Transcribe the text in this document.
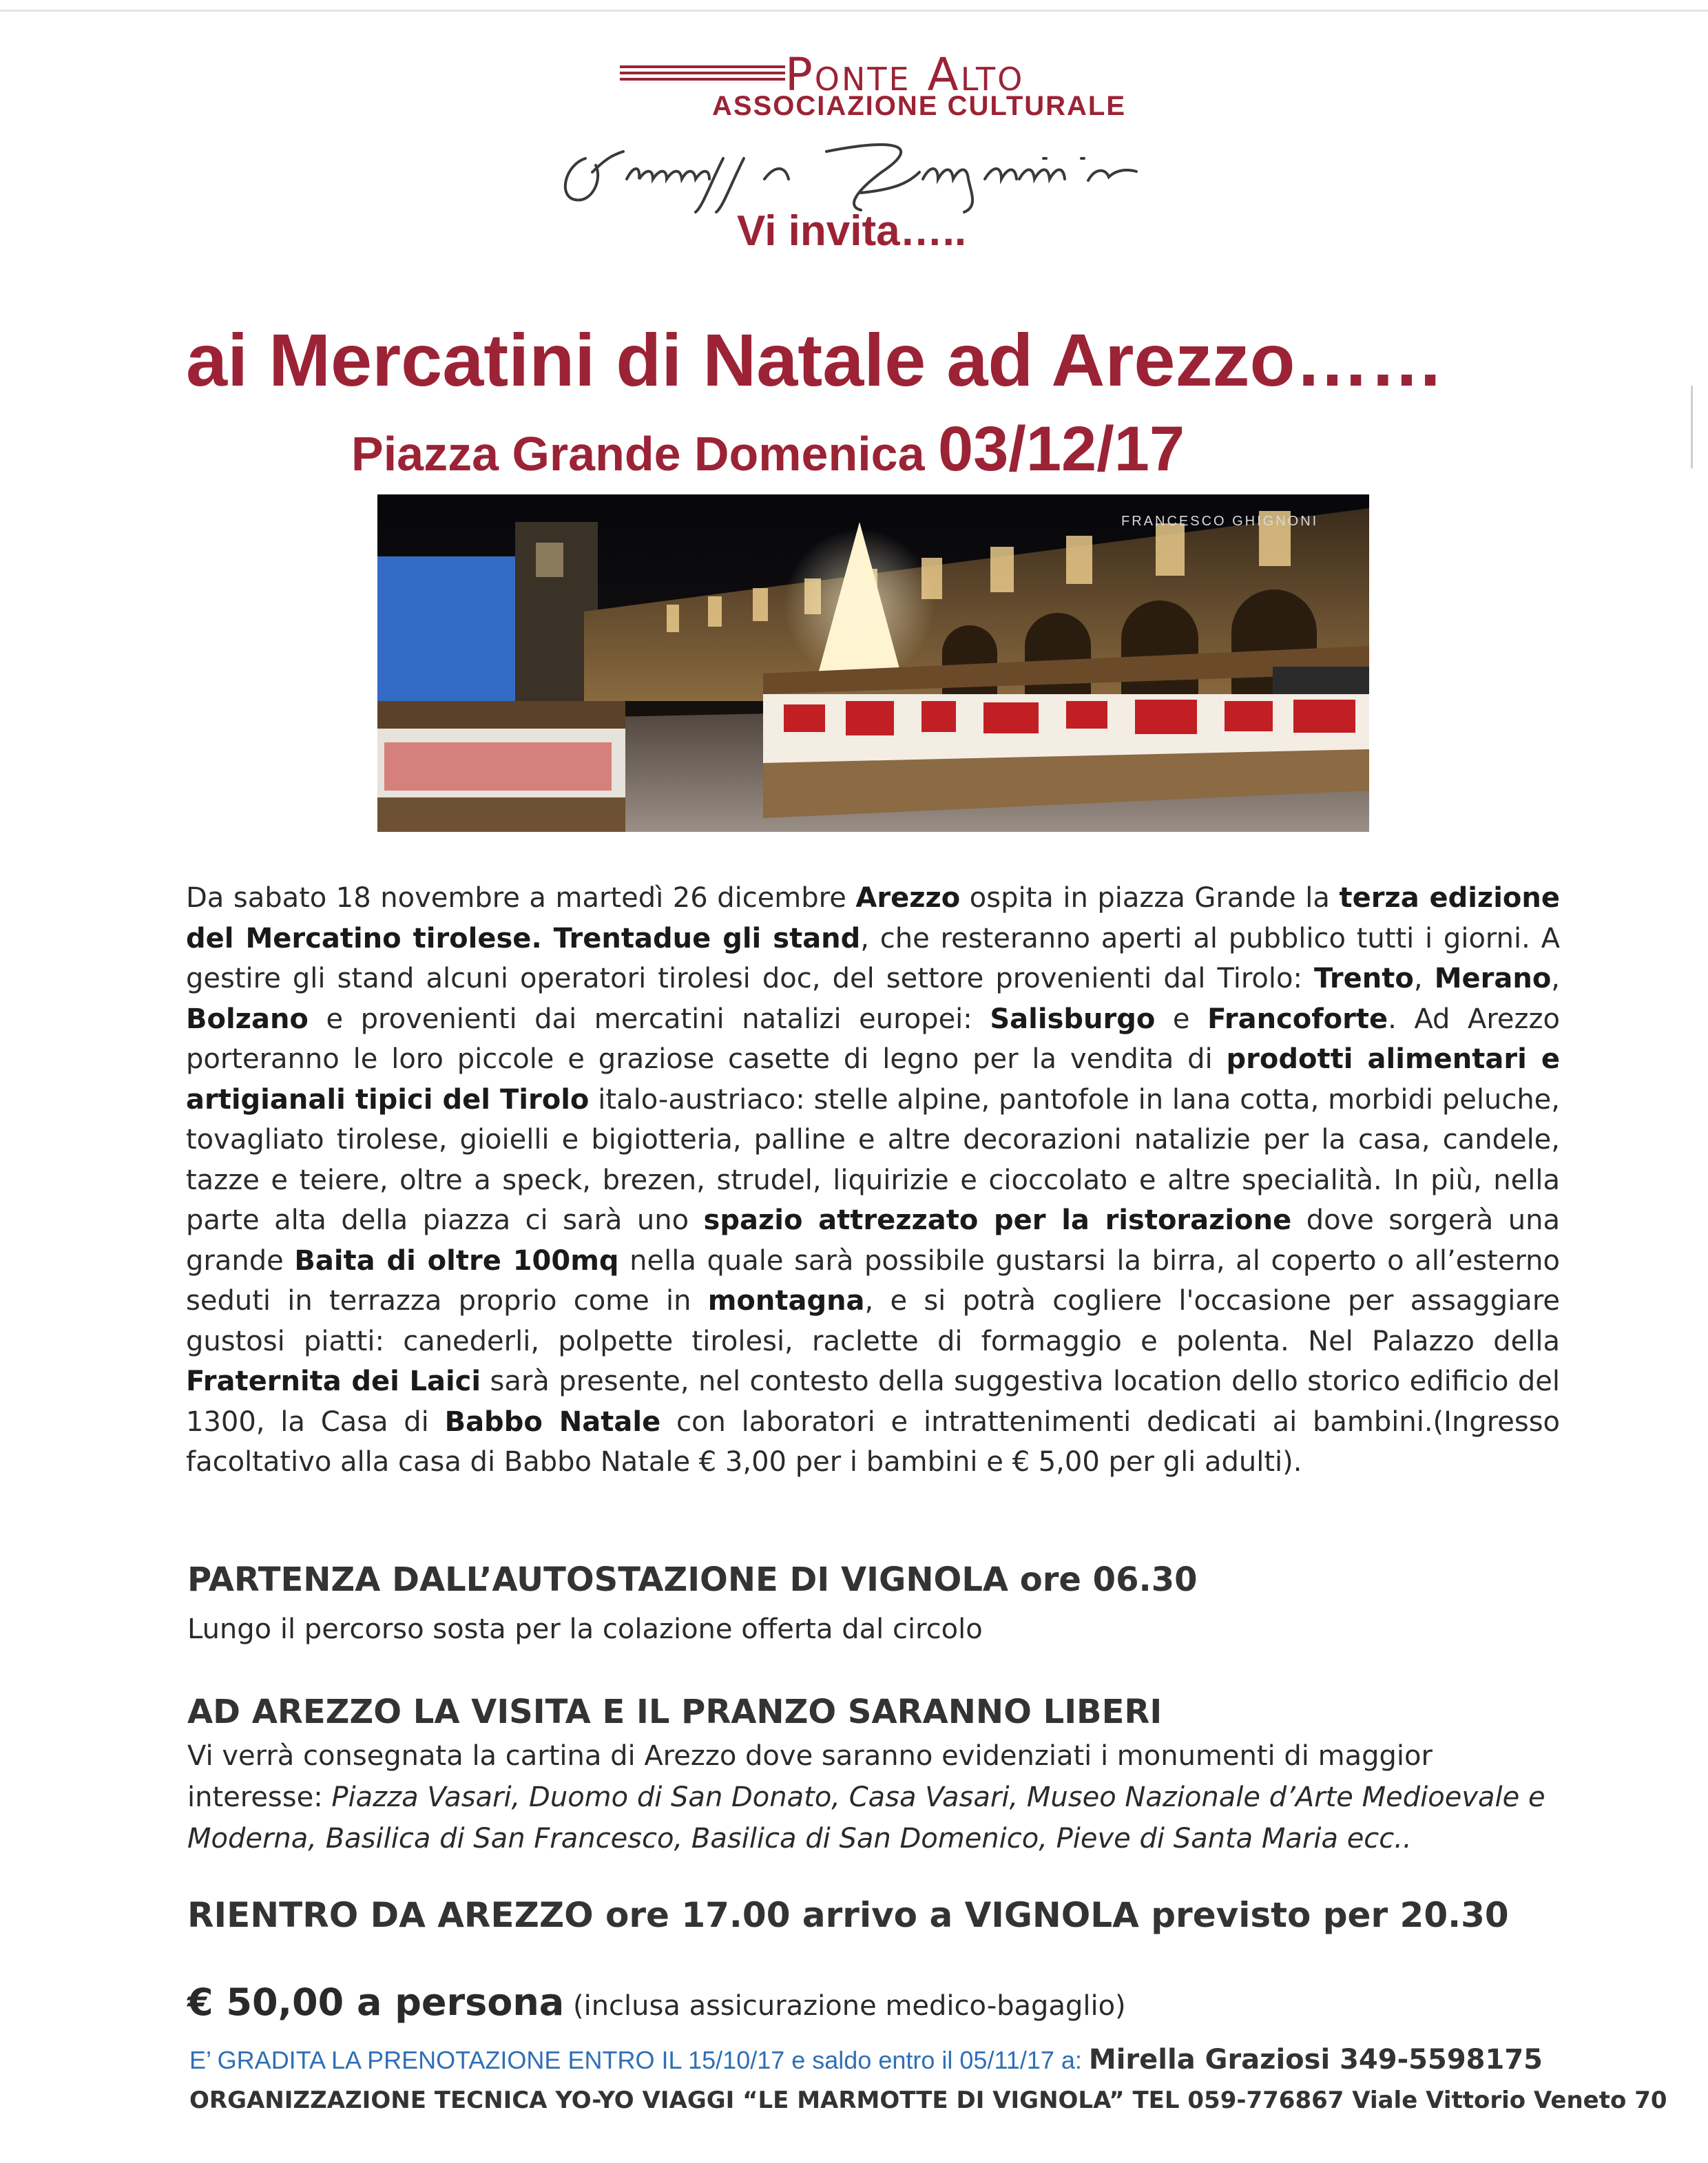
Ponte Alto
ASSOCIAZIONE CULTURALE
Vi invita…..
ai Mercatini di Natale ad Arezzo……
Piazza Grande Domenica 03/12/17
FRANCESCO GHIGNONI
Da sabato 18 novembre a martedì 26 dicembre Arezzo ospita in piazza Grande la terza edizione del Mercatino tirolese. Trentadue gli stand, che resteranno aperti al pubblico tutti i giorni. A gestire gli stand alcuni operatori tirolesi doc, del settore provenienti dal Tirolo: Trento, Merano, Bolzano e provenienti dai mercatini natalizi europei: Salisburgo e Francoforte. Ad Arezzo porteranno le loro piccole e graziose casette di legno per la vendita di prodotti alimentari e artigianali tipici del Tirolo italo-austriaco: stelle alpine, pantofole in lana cotta, morbidi peluche, tovagliato tirolese, gioielli e bigiotteria, palline e altre decorazioni natalizie per la casa, candele, tazze e teiere, oltre a speck, brezen, strudel, liquirizie e cioccolato e altre specialità. In più, nella parte alta della piazza ci sarà uno spazio attrezzato per la ristorazione dove sorgerà una grande Baita di oltre 100mq nella quale sarà possibile gustarsi la birra, al coperto o all’esterno seduti in terrazza proprio come in montagna, e si potrà cogliere l'occasione per assaggiare gustosi piatti: canederli, polpette tirolesi, raclette di formaggio e polenta. Nel Palazzo della Fraternita dei Laici sarà presente, nel contesto della suggestiva location dello storico edificio del 1300, la Casa di Babbo Natale con laboratori e intrattenimenti dedicati ai bambini.(Ingresso facoltativo alla casa di Babbo Natale € 3,00 per i bambini e € 5,00 per gli adulti).
PARTENZA DALL’AUTOSTAZIONE DI VIGNOLA ore 06.30
Lungo il percorso sosta per la colazione offerta dal circolo
AD AREZZO LA VISITA E IL PRANZO SARANNO LIBERI
Vi verrà consegnata la cartina di Arezzo dove saranno evidenziati i monumenti di maggior interesse: Piazza Vasari, Duomo di San Donato, Casa Vasari, Museo Nazionale d’Arte Medioevale e Moderna, Basilica di San Francesco, Basilica di San Domenico, Pieve di Santa Maria ecc..
RIENTRO DA AREZZO ore 17.00 arrivo a VIGNOLA previsto per 20.30
€ 50,00 a persona (inclusa assicurazione medico-bagaglio)
E’ GRADITA LA PRENOTAZIONE ENTRO IL 15/10/17 e saldo entro il 05/11/17 a: Mirella Graziosi 349-5598175
ORGANIZZAZIONE TECNICA YO-YO VIAGGI “LE MARMOTTE DI VIGNOLA” TEL 059-776867 Viale Vittorio Veneto 70
